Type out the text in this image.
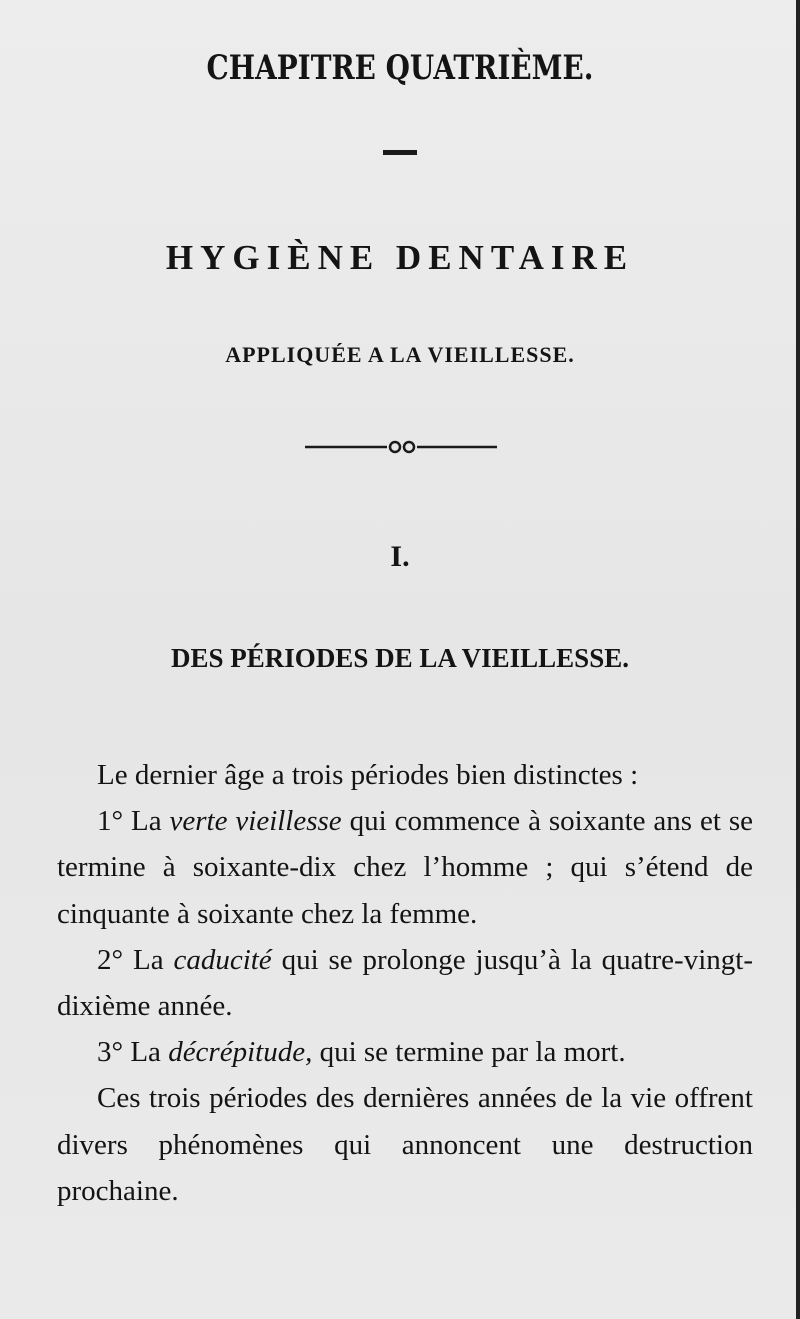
CHAPITRE QUATRIÈME.
HYGIÈNE DENTAIRE
APPLIQUÉE A LA VIEILLESSE.
I.
DES PÉRIODES DE LA VIEILLESSE.

Le dernier âge a trois périodes bien distinctes :

1° La verte vieillesse qui commence à soixante ans et se termine à soixante-dix chez l’homme ; qui s’étend de cinquante à soixante chez la femme.

2° La caducité qui se prolonge jusqu’à la quatre-vingt-dixième année.

3° La décrépitude, qui se termine par la mort.

Ces trois périodes des dernières années de la vie offrent divers phénomènes qui annoncent une destruction prochaine.
